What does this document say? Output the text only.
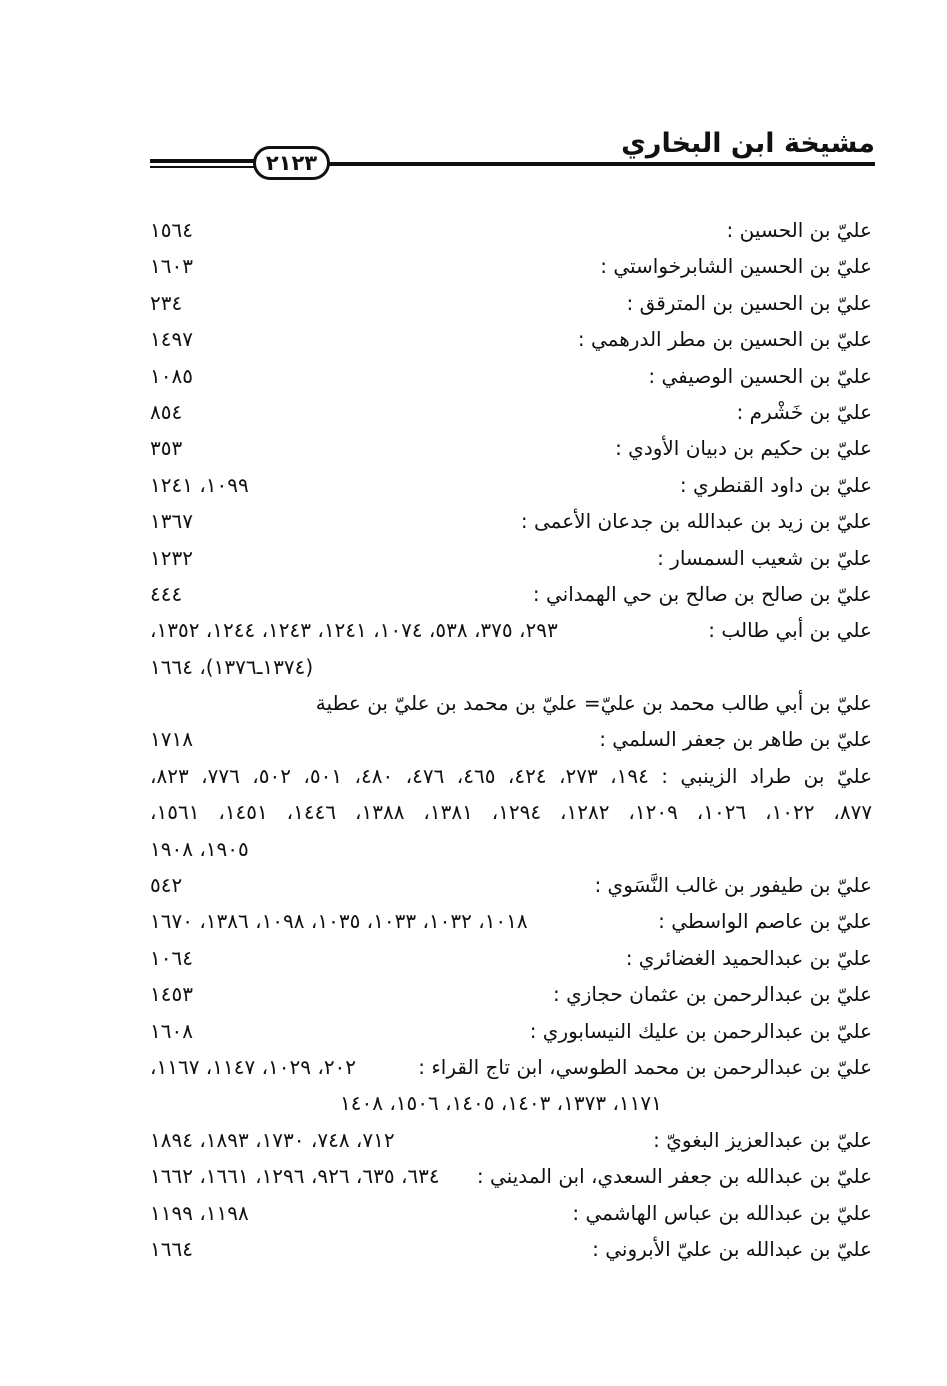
مشيخة ابن البخاري
٢١٢٣
عليّ بن الحسين :
١٥٦٤
عليّ بن الحسين الشابرخواستي :
١٦٠٣
عليّ بن الحسين بن المترقق :
٢٣٤
عليّ بن الحسين بن مطر الدرهمي :
١٤٩٧
عليّ بن الحسين الوصيفي :
١٠٨٥
عليّ بن خَشْرم :
٨٥٤
عليّ بن حكيم بن دبيان الأودي :
٣٥٣
عليّ بن داود القنطري :
١٠٩٩، ١٢٤١
عليّ بن زيد بن عبدالله بن جدعان الأعمى :
١٣٦٧
عليّ بن شعيب السمسار :
١٢٣٢
عليّ بن صالح بن صالح بن حي الهمداني :
٤٤٤
علي بن أبي طالب :
٢٩٣، ٣٧٥، ٥٣٨، ١٠٧٤، ١٢٤١، ١٢٤٣، ١٢٤٤، ١٣٥٢،
(١٣٧٤ـ١٣٧٦)، ١٦٦٤
عليّ بن أبي طالب محمد بن عليّ= عليّ بن محمد بن عليّ بن عطية
عليّ بن طاهر بن جعفر السلمي :
١٧١٨
عليّ بن طراد الزينبي : ١٩٤، ٢٧٣، ٤٢٤، ٤٦٥، ٤٧٦، ٤٨٠، ٥٠١، ٥٠٢، ٧٧٦، ٨٢٣،
٨٧٧، ١٠٢٢، ١٠٢٦، ١٢٠٩، ١٢٨٢، ١٢٩٤، ١٣٨١، ١٣٨٨، ١٤٤٦، ١٤٥١، ١٥٦١،
١٩٠٥، ١٩٠٨
عليّ بن طيفور بن غالب النَّسَوي :
٥٤٢
عليّ بن عاصم الواسطي :
١٠١٨، ١٠٣٢، ١٠٣٣، ١٠٣٥، ١٠٩٨، ١٣٨٦، ١٦٧٠
عليّ بن عبدالحميد الغضائري :
١٠٦٤
عليّ بن عبدالرحمن بن عثمان حجازي :
١٤٥٣
عليّ بن عبدالرحمن بن عليك النيسابوري :
١٦٠٨
عليّ بن عبدالرحمن بن محمد الطوسي، ابن تاج القراء :
٢٠٢، ١٠٢٩، ١١٤٧، ١١٦٧،
١١٧١، ١٣٧٣، ١٤٠٣، ١٤٠٥، ١٥٠٦، ١٤٠٨
عليّ بن عبدالعزيز البغويّ :
٧١٢، ٧٤٨، ١٧٣٠، ١٨٩٣، ١٨٩٤
عليّ بن عبدالله بن جعفر السعدي، ابن المديني :
٦٣٤، ٦٣٥، ٩٢٦، ١٢٩٦، ١٦٦١، ١٦٦٢
عليّ بن عبدالله بن عباس الهاشمي :
١١٩٨، ١١٩٩
عليّ بن عبدالله بن عليّ الأبروني :
١٦٦٤
